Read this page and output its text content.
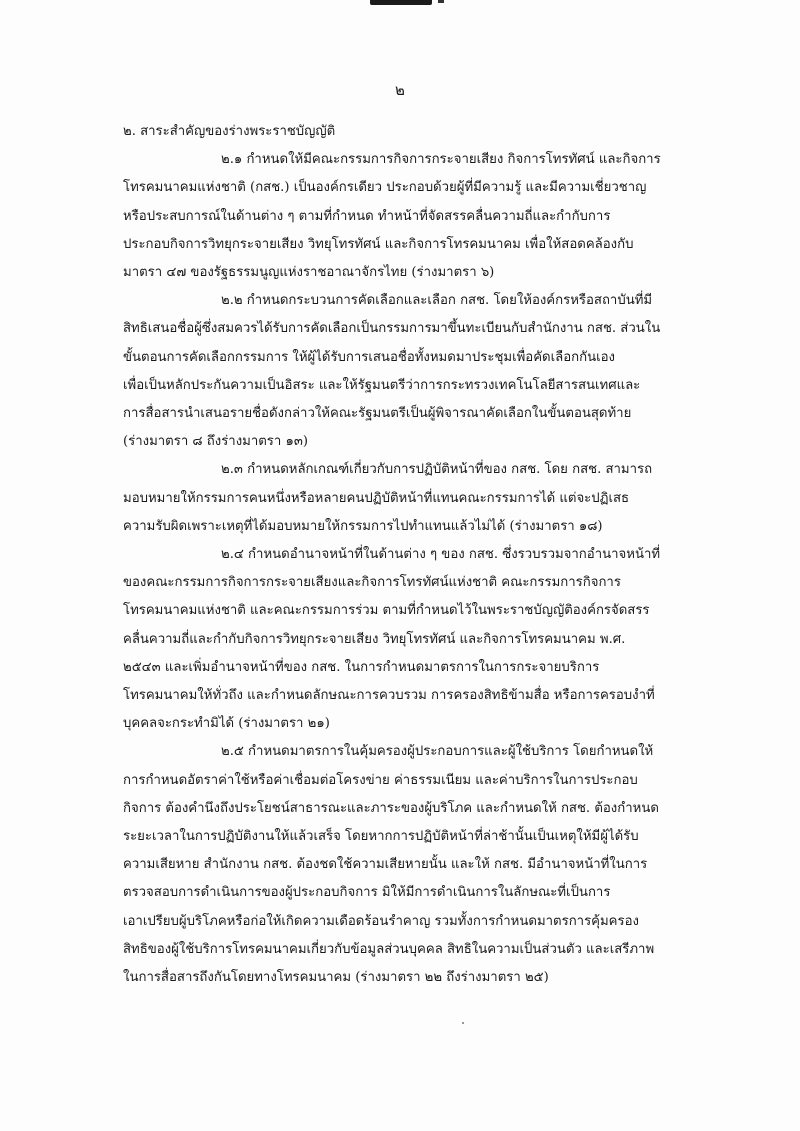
๒

๒. สาระสำคัญของร่างพระราชบัญญัติ

๒.๑ กำหนดให้มีคณะกรรมการกิจการกระจายเสียง กิจการโทรทัศน์ และกิจการ
โทรคมนาคมแห่งชาติ (กสช.) เป็นองค์กรเดียว ประกอบด้วยผู้ที่มีความรู้ และมีความเชี่ยวชาญ
หรือประสบการณ์ในด้านต่าง ๆ ตามที่กำหนด ทำหน้าที่จัดสรรคลื่นความถี่และกำกับการ
ประกอบกิจการวิทยุกระจายเสียง วิทยุโทรทัศน์ และกิจการโทรคมนาคม เพื่อให้สอดคล้องกับ
มาตรา ๔๗ ของรัฐธรรมนูญแห่งราชอาณาจักรไทย (ร่างมาตรา ๖)
๒.๒ กำหนดกระบวนการคัดเลือกและเลือก กสช. โดยให้องค์กรหรือสถาบันที่มี
สิทธิเสนอชื่อผู้ซึ่งสมควรได้รับการคัดเลือกเป็นกรรมการมาขึ้นทะเบียนกับสำนักงาน กสช. ส่วนใน
ขั้นตอนการคัดเลือกกรรมการ ให้ผู้ได้รับการเสนอชื่อทั้งหมดมาประชุมเพื่อคัดเลือกกันเอง
เพื่อเป็นหลักประกันความเป็นอิสระ และให้รัฐมนตรีว่าการกระทรวงเทคโนโลยีสารสนเทศและ
การสื่อสารนำเสนอรายชื่อดังกล่าวให้คณะรัฐมนตรีเป็นผู้พิจารณาคัดเลือกในขั้นตอนสุดท้าย
(ร่างมาตรา ๘ ถึงร่างมาตรา ๑๓)
๒.๓ กำหนดหลักเกณฑ์เกี่ยวกับการปฏิบัติหน้าที่ของ กสช. โดย กสช. สามารถ
มอบหมายให้กรรมการคนหนึ่งหรือหลายคนปฏิบัติหน้าที่แทนคณะกรรมการได้ แต่จะปฏิเสธ
ความรับผิดเพราะเหตุที่ได้มอบหมายให้กรรมการไปทำแทนแล้วไม่ได้ (ร่างมาตรา ๑๘)
๒.๔ กำหนดอำนาจหน้าที่ในด้านต่าง ๆ ของ กสช. ซึ่งรวบรวมจากอำนาจหน้าที่
ของคณะกรรมการกิจการกระจายเสียงและกิจการโทรทัศน์แห่งชาติ คณะกรรมการกิจการ
โทรคมนาคมแห่งชาติ และคณะกรรมการร่วม ตามที่กำหนดไว้ในพระราชบัญญัติองค์กรจัดสรร
คลื่นความถี่และกำกับกิจการวิทยุกระจายเสียง วิทยุโทรทัศน์ และกิจการโทรคมนาคม พ.ศ.
๒๕๔๓ และเพิ่มอำนาจหน้าที่ของ กสช. ในการกำหนดมาตรการในการกระจายบริการ
โทรคมนาคมให้ทั่วถึง และกำหนดลักษณะการควบรวม การครองสิทธิข้ามสื่อ หรือการครอบงำที่
บุคคลจะกระทำมิได้ (ร่างมาตรา ๒๑)
๒.๕ กำหนดมาตรการในคุ้มครองผู้ประกอบการและผู้ใช้บริการ โดยกำหนดให้
การกำหนดอัตราค่าใช้หรือค่าเชื่อมต่อโครงข่าย ค่าธรรมเนียม และค่าบริการในการประกอบ
กิจการ ต้องคำนึงถึงประโยชน์สาธารณะและภาระของผู้บริโภค และกำหนดให้ กสช. ต้องกำหนด
ระยะเวลาในการปฏิบัติงานให้แล้วเสร็จ โดยหากการปฏิบัติหน้าที่ล่าช้านั้นเป็นเหตุให้มีผู้ได้รับ
ความเสียหาย สำนักงาน กสช. ต้องชดใช้ความเสียหายนั้น และให้ กสช. มีอำนาจหน้าที่ในการ
ตรวจสอบการดำเนินการของผู้ประกอบกิจการ มิให้มีการดำเนินการในลักษณะที่เป็นการ
เอาเปรียบผู้บริโภคหรือก่อให้เกิดความเดือดร้อนรำคาญ รวมทั้งการกำหนดมาตรการคุ้มครอง
สิทธิของผู้ใช้บริการโทรคมนาคมเกี่ยวกับข้อมูลส่วนบุคคล สิทธิในความเป็นส่วนตัว และเสรีภาพ
ในการสื่อสารถึงกันโดยทางโทรคมนาคม (ร่างมาตรา ๒๒ ถึงร่างมาตรา ๒๕)
